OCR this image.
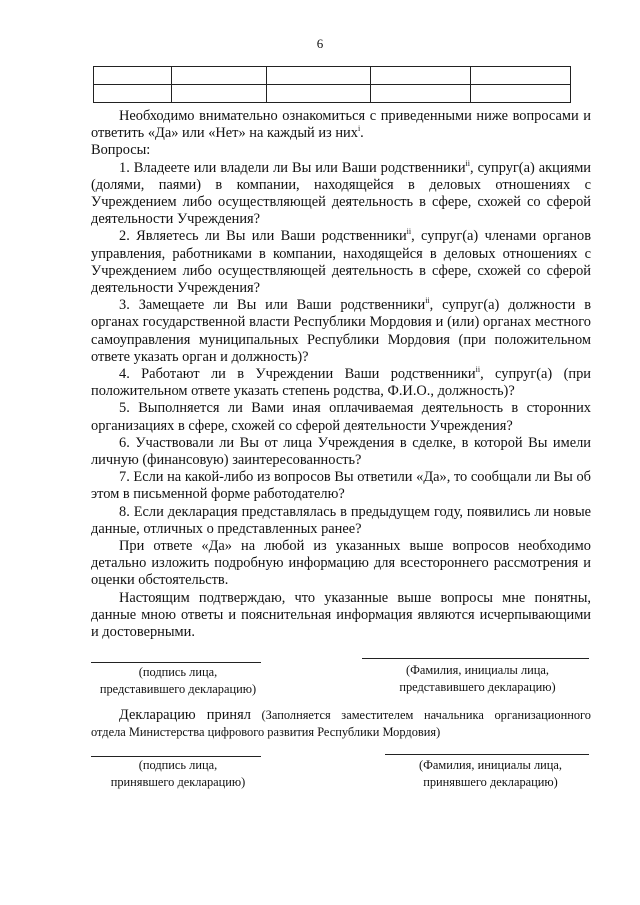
6

Необходимо внимательно ознакомиться с приведенными ниже вопросами и ответить «Да» или «Нет» на каждый из них$^i$.

Вопросы:

1. Владеете или владели ли Вы или Ваши родственники$^{ii}$, супруг(а) акциями (долями, паями) в компании, находящейся в деловых отношениях с Учреждением либо осуществляющей деятельность в сфере, схожей со сферой деятельности Учреждения?

2. Являетесь ли Вы или Ваши родственники$^{ii}$, супруг(а) членами органов управления, работниками в компании, находящейся в деловых отношениях с Учреждением либо осуществляющей деятельность в сфере, схожей со сферой деятельности Учреждения?

3. Замещаете ли Вы или Ваши родственники$^{ii}$, супруг(а) должности в органах государственной власти Республики Мордовия и (или) органах местного самоуправления муниципальных Республики Мордовия (при положительном ответе указать орган и должность)?

4. Работают ли в Учреждении Ваши родственники$^{ii}$, супруг(а) (при положительном ответе указать степень родства, Ф.И.О., должность)?

5. Выполняется ли Вами иная оплачиваемая деятельность в сторонних организациях в сфере, схожей со сферой деятельности Учреждения?

6. Участвовали ли Вы от лица Учреждения в сделке, в которой Вы имели личную (финансовую) заинтересованность?

7. Если на какой-либо из вопросов Вы ответили «Да», то сообщали ли Вы об этом в письменной форме работодателю?

8. Если декларация представлялась в предыдущем году, появились ли новые данные, отличных о представленных ранее?

При ответе «Да» на любой из указанных выше вопросов необходимо детально изложить подробную информацию для всестороннего рассмотрения и оценки обстоятельств.

Настоящим подтверждаю, что указанные выше вопросы мне понятны, данные мною ответы и пояснительная информация являются исчерпывающими и достоверными.

(подпись лица,
представившего декларацию)
(Фамилия, инициалы лица,
представившего декларацию)

Декларацию принял (Заполняется заместителем начальника организационного отдела Министерства цифрового развития Республики Мордовия)

(подпись лица,
принявшего декларацию)
(Фамилия, инициалы лица,
принявшего декларацию)
